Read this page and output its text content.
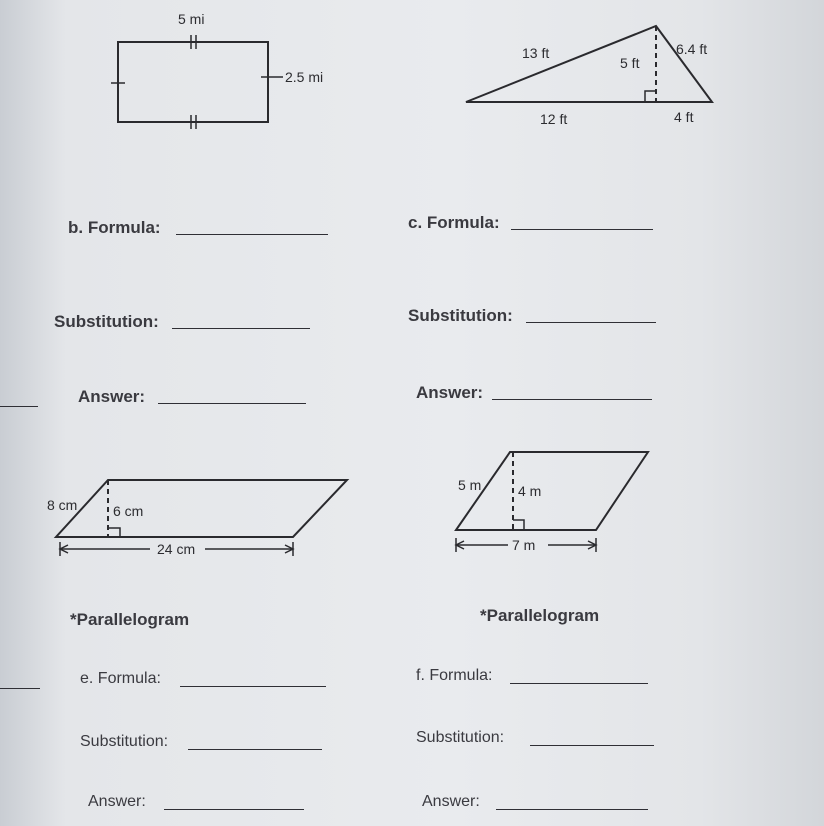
5 mi
2.5 mi
13 ft
5 ft
6.4 ft
12 ft	4 ft
8 cm	6 cm
24 cm
5 m	4 m
7 m
b. Formula:
Substitution:
Answer:
c. Formula:
Substitution:
Answer:
*Parallelogram
e. Formula:
Substitution:
Answer:
*Parallelogram
f. Formula:
Substitution:
Answer:
